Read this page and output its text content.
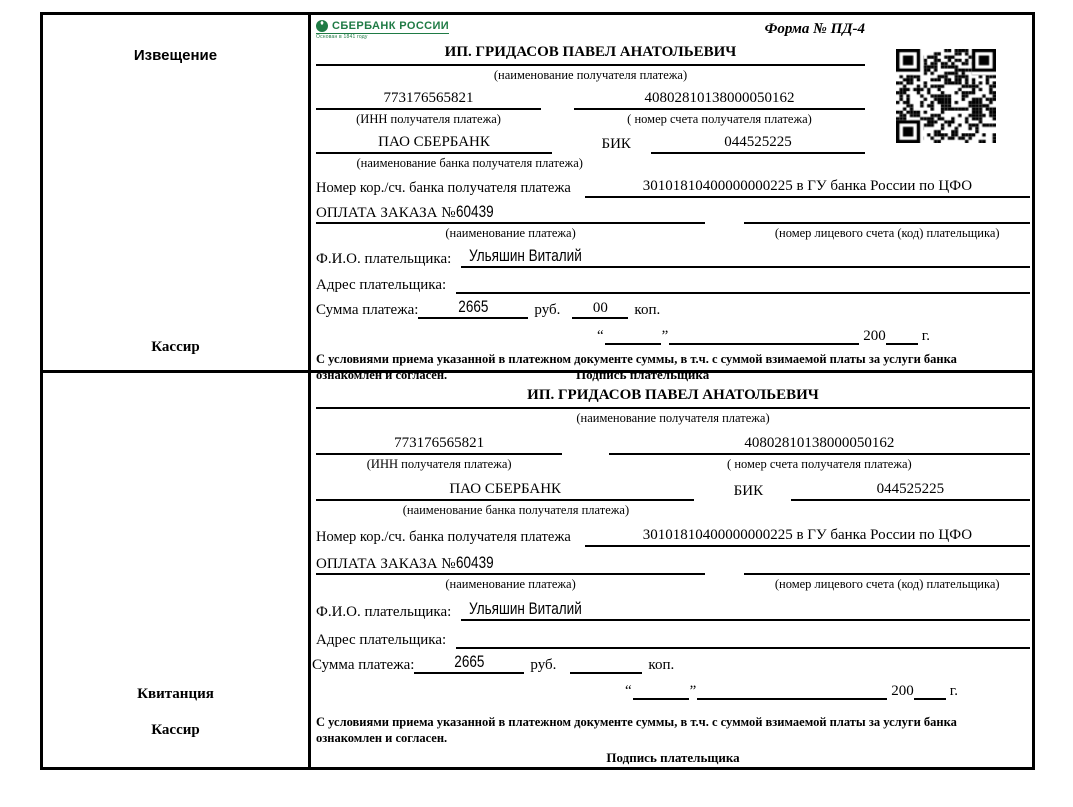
Извещение
Кассир
СБЕРБАНК РОССИИ
Основан в 1841 году	Форма № ПД-4
ИП. ГРИДАСОВ ПАВЕЛ АНАТОЛЬЕВИЧ
(наименование получателя платежа)
773176565821	40802810138000050162
(ИНН получателя платежа)	( номер счета получателя платежа)
ПАО СБЕРБАНК	БИК	044525225
(наименование банка получателя платежа)
Номер кор./сч. банка получателя платежа	30101810400000000225 в ГУ банка России по ЦФО
ОПЛАТА ЗАКАЗА №60439
(наименование платежа)	(номер лицевого счета (код) плательщика)
Ф.И.О. плательщика:	Ульяшин Виталий
Адрес плательщика:
Сумма платежа:	2665	руб.	00	коп.
“	”	200 г.
С условиями приема указанной в платежном документе суммы, в т.ч. с суммой взимаемой платы за услуги банка
ознакомлен и согласен.	Подпись плательщика
Квитанция
Кассир
ИП. ГРИДАСОВ ПАВЕЛ АНАТОЛЬЕВИЧ
(наименование получателя платежа)
773176565821	40802810138000050162
(ИНН получателя платежа)	( номер счета получателя платежа)
ПАО СБЕРБАНК	БИК	044525225
(наименование банка получателя платежа)
Номер кор./сч. банка получателя платежа	30101810400000000225 в ГУ банка России по ЦФО
ОПЛАТА ЗАКАЗА №60439
(наименование платежа)	(номер лицевого счета (код) плательщика)
Ф.И.О. плательщика:	Ульяшин Виталий
Адрес плательщика:
Сумма платежа:	2665	руб.	коп.
“	”	200 г.
С условиями приема указанной в платежном документе суммы, в т.ч. с суммой взимаемой платы за услуги банка
ознакомлен и согласен.
Подпись плательщика
